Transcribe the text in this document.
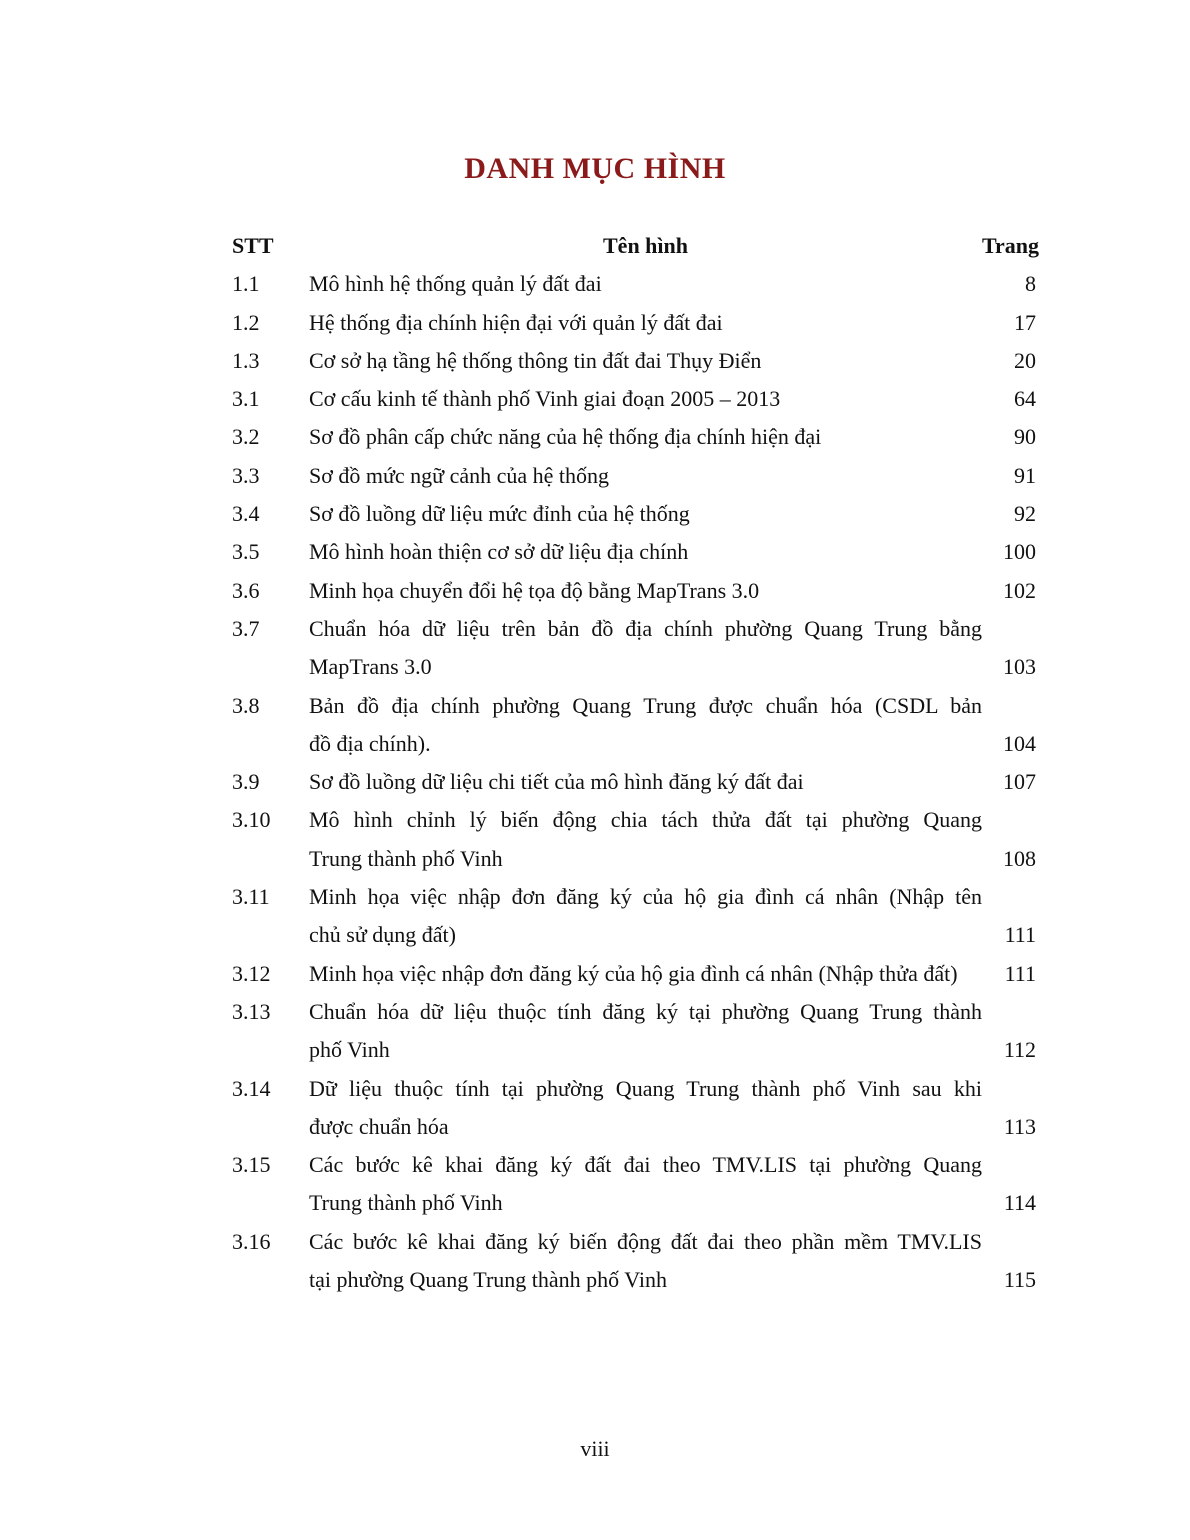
DANH MỤC HÌNH
STT	Tên hình	Trang
1.1	Mô hình hệ thống quản lý đất đai	8
1.2	Hệ thống địa chính hiện đại với quản lý đất đai	17
1.3	Cơ sở hạ tầng hệ thống thông tin đất đai Thụy Điển	20
3.1	Cơ cấu kinh tế thành phố Vinh giai đoạn 2005 – 2013	64
3.2	Sơ đồ phân cấp chức năng của hệ thống địa chính hiện đại	90
3.3	Sơ đồ mức ngữ cảnh của hệ thống	91
3.4	Sơ đồ luồng dữ liệu mức đỉnh của hệ thống	92
3.5	Mô hình hoàn thiện cơ sở dữ liệu địa chính	100
3.6	Minh họa chuyển đổi hệ tọa độ bằng MapTrans 3.0	102
3.7	Chuẩn hóa dữ liệu trên bản đồ địa chính phường Quang Trung bằng
MapTrans 3.0	103
3.8	Bản đồ địa chính phường Quang Trung được chuẩn hóa (CSDL bản
đồ địa chính).	104
3.9	Sơ đồ luồng dữ liệu chi tiết của mô hình đăng ký đất đai	107
3.10	Mô hình chỉnh lý biến động chia tách thửa đất tại phường Quang
Trung thành phố Vinh	108
3.11	Minh họa việc nhập đơn đăng ký của hộ gia đình cá nhân (Nhập tên
chủ sử dụng đất)	111
3.12	Minh họa việc nhập đơn đăng ký của hộ gia đình cá nhân (Nhập thửa đất)	111
3.13	Chuẩn hóa dữ liệu thuộc tính đăng ký tại phường Quang Trung thành
phố Vinh	112
3.14	Dữ liệu thuộc tính tại phường Quang Trung thành phố Vinh sau khi
được chuẩn hóa	113
3.15	Các bước kê khai đăng ký đất đai theo TMV.LIS tại phường Quang
Trung thành phố Vinh	114
3.16	Các bước kê khai đăng ký biến động đất đai theo phần mềm TMV.LIS
tại phường Quang Trung thành phố Vinh	115
viii
